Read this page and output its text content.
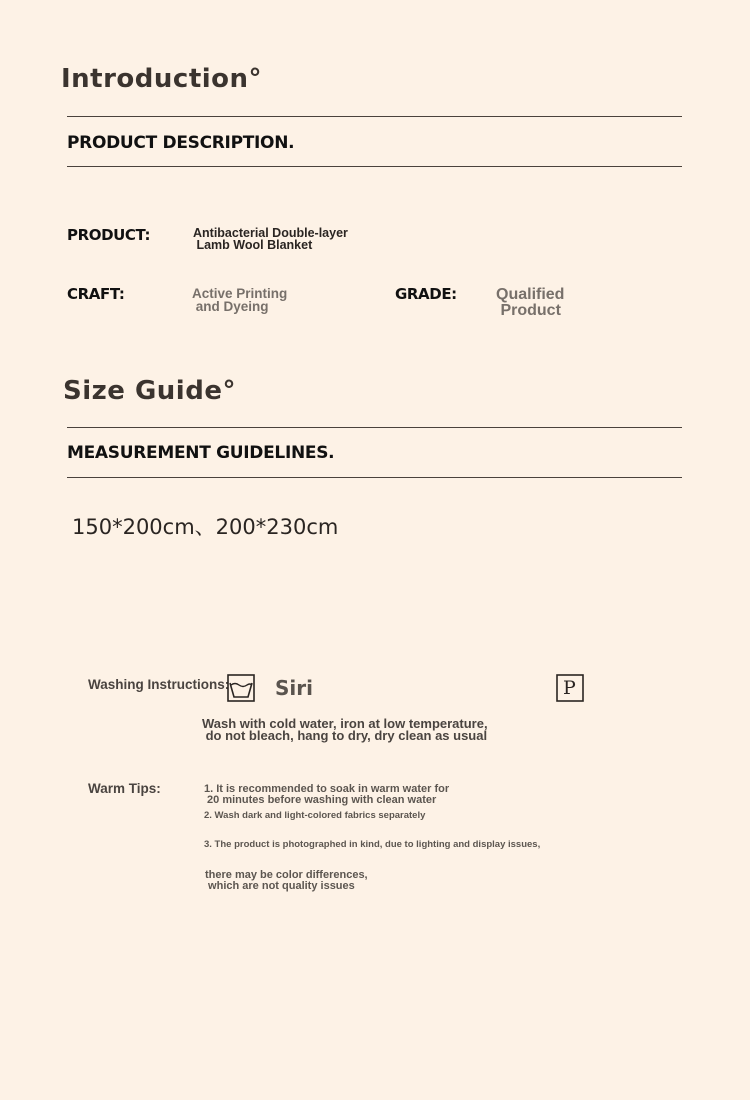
Introduction°
PRODUCT DESCRIPTION.
PRODUCT:	Antibacterial Double-layer
Lamb Wool Blanket
CRAFT:	Active Printing
and Dyeing
GRADE: Qualified
Product
Size Guide°
MEASUREMENT GUIDELINES.
150*200cm、200*230cm
Washing Instructions: Siri	P
Wash with cold water, iron at low temperature,
do not bleach, hang to dry, dry clean as usual
Warm Tips:	1. It is recommended to soak in warm water for
20 minutes before washing with clean water
2. Wash dark and light-colored fabrics separately
3. The product is photographed in kind, due to lighting and display issues,
there may be color differences,
which are not quality issues
